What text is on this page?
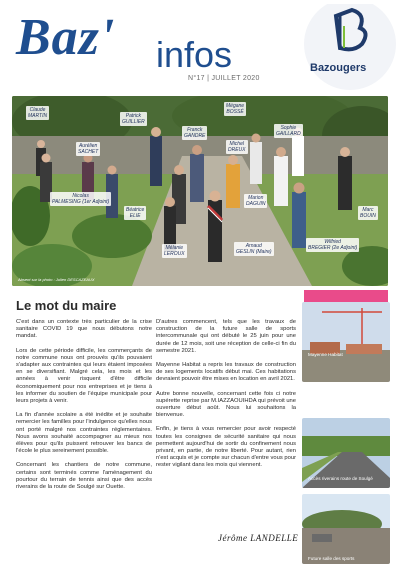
Baz' infos
N°17 | JUILLET 2020
Bazougers
Claude
MARTIN	Patrick
GUILLIER
Aurélien
SACHET
Nicolas
PALMESING (1er Adjoint)
Béatrice
ELIE
Mégane
BOSSÉ
Franck
GANDRE
Michel
DREUX
Sophie
GAILLARD
Arnaud
GESLIN (Maire)
Marion
DAGUIN
Mélanie
LEROUX
Wilfried
BREGIER (2e Adjoint)
Marc
BOUIN
Absent sur la photo : Julien DESCAZEAUX
Le mot du maire

C'est dans un contexte très particulier de la crise sanitaire COVID 19 que nous débutons notre mandat.

Lors de cette période difficile, les commerçants de notre commune nous ont prouvés qu'ils pouvaient s'adapter aux contraintes qui leurs étaient imposées en se diversifiant. Malgré cela, les mois et les années à venir risquent d'être difficile économiquement pour nos entreprises et je tiens à les informer du soutien de l'équipe municipale pour leurs projets à venir.

La fin d'année scolaire a été inédite et je souhaite remercier les familles pour l'indulgence qu'elles nous ont porté malgré nos contraintes réglementaires. Nous avons souhaité accompagner au mieux nos élèves pour qu'ils puissent retrouver les bancs de l'école le plus sereinement possible.

Concernant les chantiers de notre commune, certains sont terminés comme l'aménagement du pourtour du terrain de tennis ainsi que des accès riverains de la route de Soulgé sur Ouette.

D'autres commencent, tels que les travaux de construction de la future salle de sports intercommunale qui ont débuté le 25 juin pour une durée de 12 mois, soit une réception de celle-ci fin du semestre 2021.

Mayenne Habitat a repris les travaux de construction de ses logements locatifs début mai. Ces habitations devraient pouvoir être mises en location en avril 2021.

Autre bonne nouvelle, concernant cette fois ci notre supérette reprise par M.IAZZAOUIHDA qui prévoit une ouverture début août. Nous lui souhaitons la bienvenue.

Enfin, je tiens à vous remercier pour avoir respecté toutes les consignes de sécurité sanitaire qui nous permettent aujourd'hui de sortir du confinement nous privant, en partie, de notre liberté. Pour autant, rien n'est acquis et je compte sur chacun d'entre vous pour rester vigilant dans les mois qui viennent.

Jérôme LANDELLE
Mayenne Habitat
Accès riverains route de Soulgé
Future salle des sports
